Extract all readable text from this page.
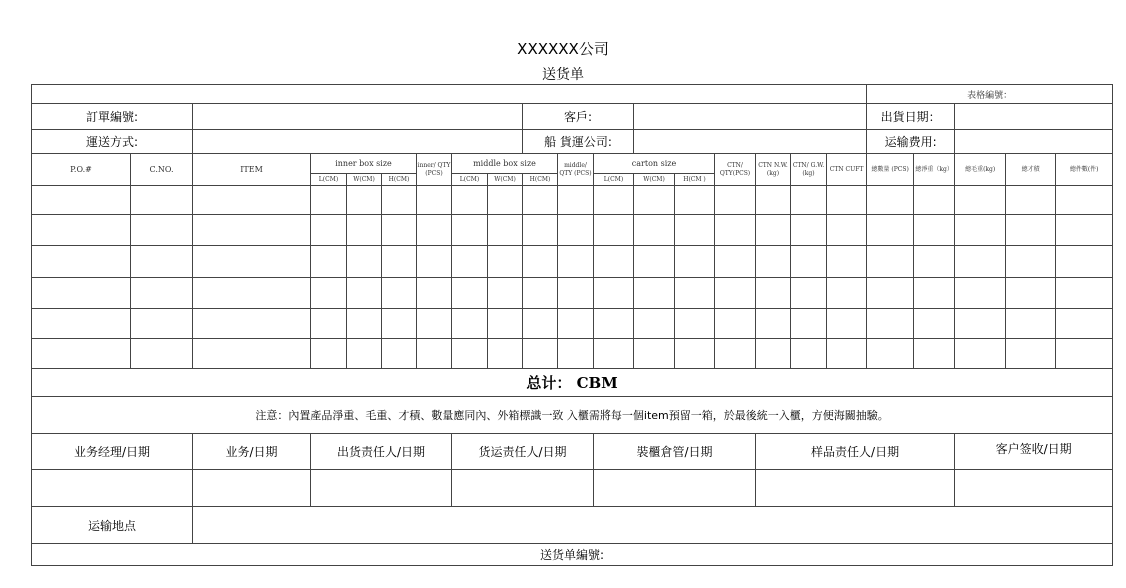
XXXXXX公司
送货单
																		表格編號：				
訂單編號:									客戶:									出貨日期：				
運送方式:									船 貨運公司:									运输费用:				
P.O.#	C.NO.	ITEM	inner box size			inner/ QTY (PCS)	middle box size			middle/ QTY (PCS)	carton size			CTN/ QTY(PCS)	CTN N.W.(kg)	CTN/ G.W.(kg)	CTN CUFT	總數量 (PCS)	總淨重（kg）	總毛重(kg)	總才積	總件數(件)
			L(CM)	W(CM)	H(CM)		L(CM)	W(CM)	H(CM)		L(CM)	W(CM)	H(CM )									

总计： CBM																						
注意：內置產品淨重、毛重、才積、數量應同內、外箱標識一致 入櫃需將每一個item預留一箱，於最後統一入櫃，方便海關抽驗。																						
业务经理/日期		业务/日期	出货责任人/日期				货运责任人/日期				裝櫃倉管/日期				样品责任人/日期					客户签收/日期		

运输地点																						
送货单編號:																						
